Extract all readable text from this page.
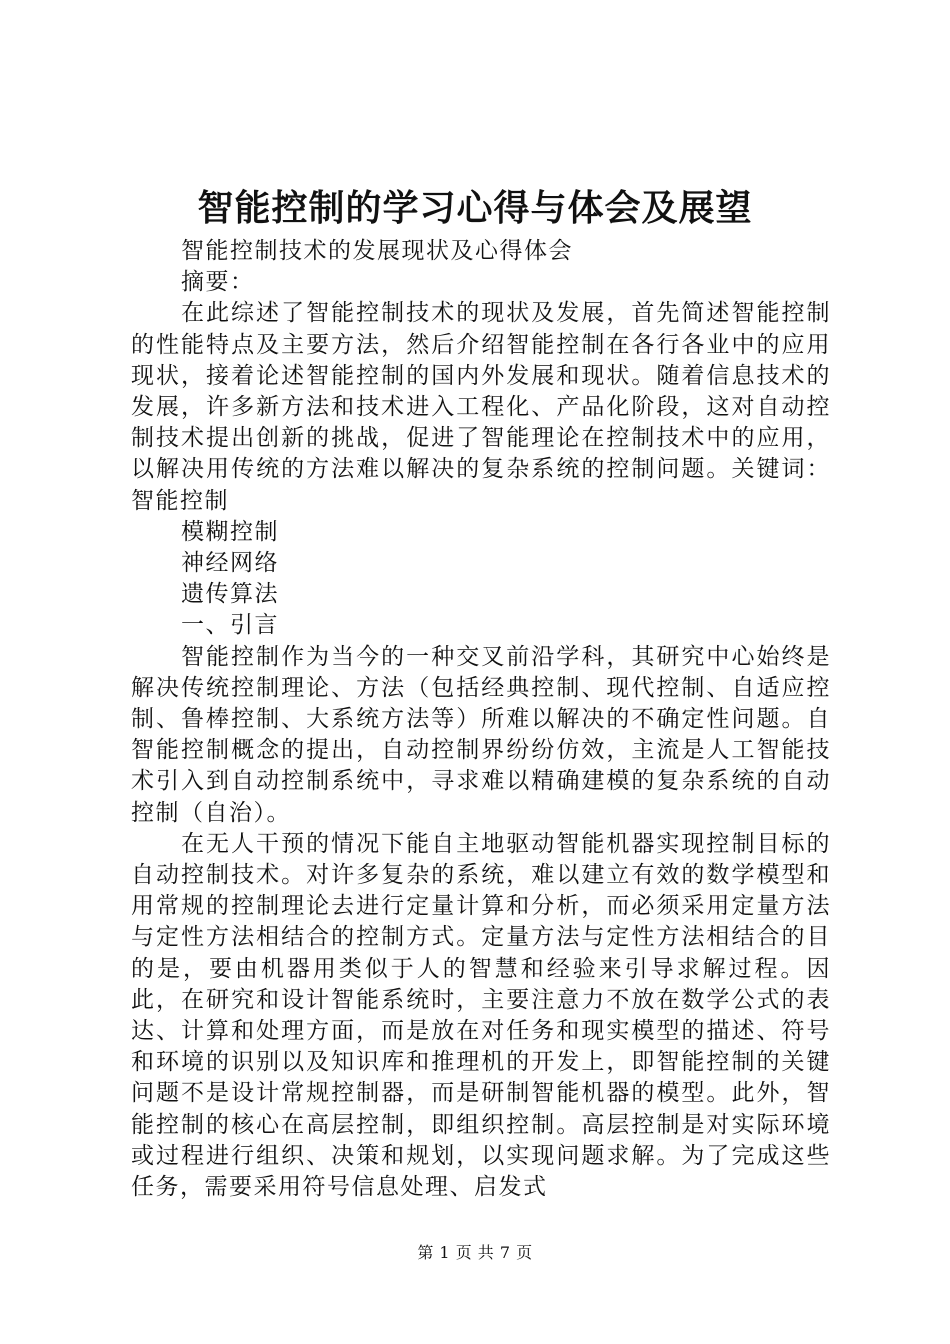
智能控制的学习心得与体会及展望

智能控制技术的发展现状及心得体会

摘要：

在此综述了智能控制技术的现状及发展，首先简述智能控制的性能特点及主要方法，然后介绍智能控制在各行各业中的应用现状，接着论述智能控制的国内外发展和现状。随着信息技术的发展，许多新方法和技术进入工程化、产品化阶段，这对自动控制技术提出创新的挑战，促进了智能理论在控制技术中的应用，以解决用传统的方法难以解决的复杂系统的控制问题。关键词：智能控制

模糊控制

神经网络

遗传算法

一、引言

智能控制作为当今的一种交叉前沿学科，其研究中心始终是解决传统控制理论、方法（包括经典控制、现代控制、自适应控制、鲁棒控制、大系统方法等）所难以解决的不确定性问题。自智能控制概念的提出，自动控制界纷纷仿效，主流是人工智能技术引入到自动控制系统中，寻求难以精确建模的复杂系统的自动控制（自治）。

在无人干预的情况下能自主地驱动智能机器实现控制目标的自动控制技术。对许多复杂的系统，难以建立有效的数学模型和用常规的控制理论去进行定量计算和分析，而必须采用定量方法与定性方法相结合的控制方式。定量方法与定性方法相结合的目的是，要由机器用类似于人的智慧和经验来引导求解过程。因此，在研究和设计智能系统时，主要注意力不放在数学公式的表达、计算和处理方面，而是放在对任务和现实模型的描述、符号和环境的识别以及知识库和推理机的开发上，即智能控制的关键问题不是设计常规控制器，而是研制智能机器的模型。此外，智能控制的核心在高层控制，即组织控制。高层控制是对实际环境或过程进行组织、决策和规划，以实现问题求解。为了完成这些任务，需要采用符号信息处理、启发式

第 1 页 共 7 页
